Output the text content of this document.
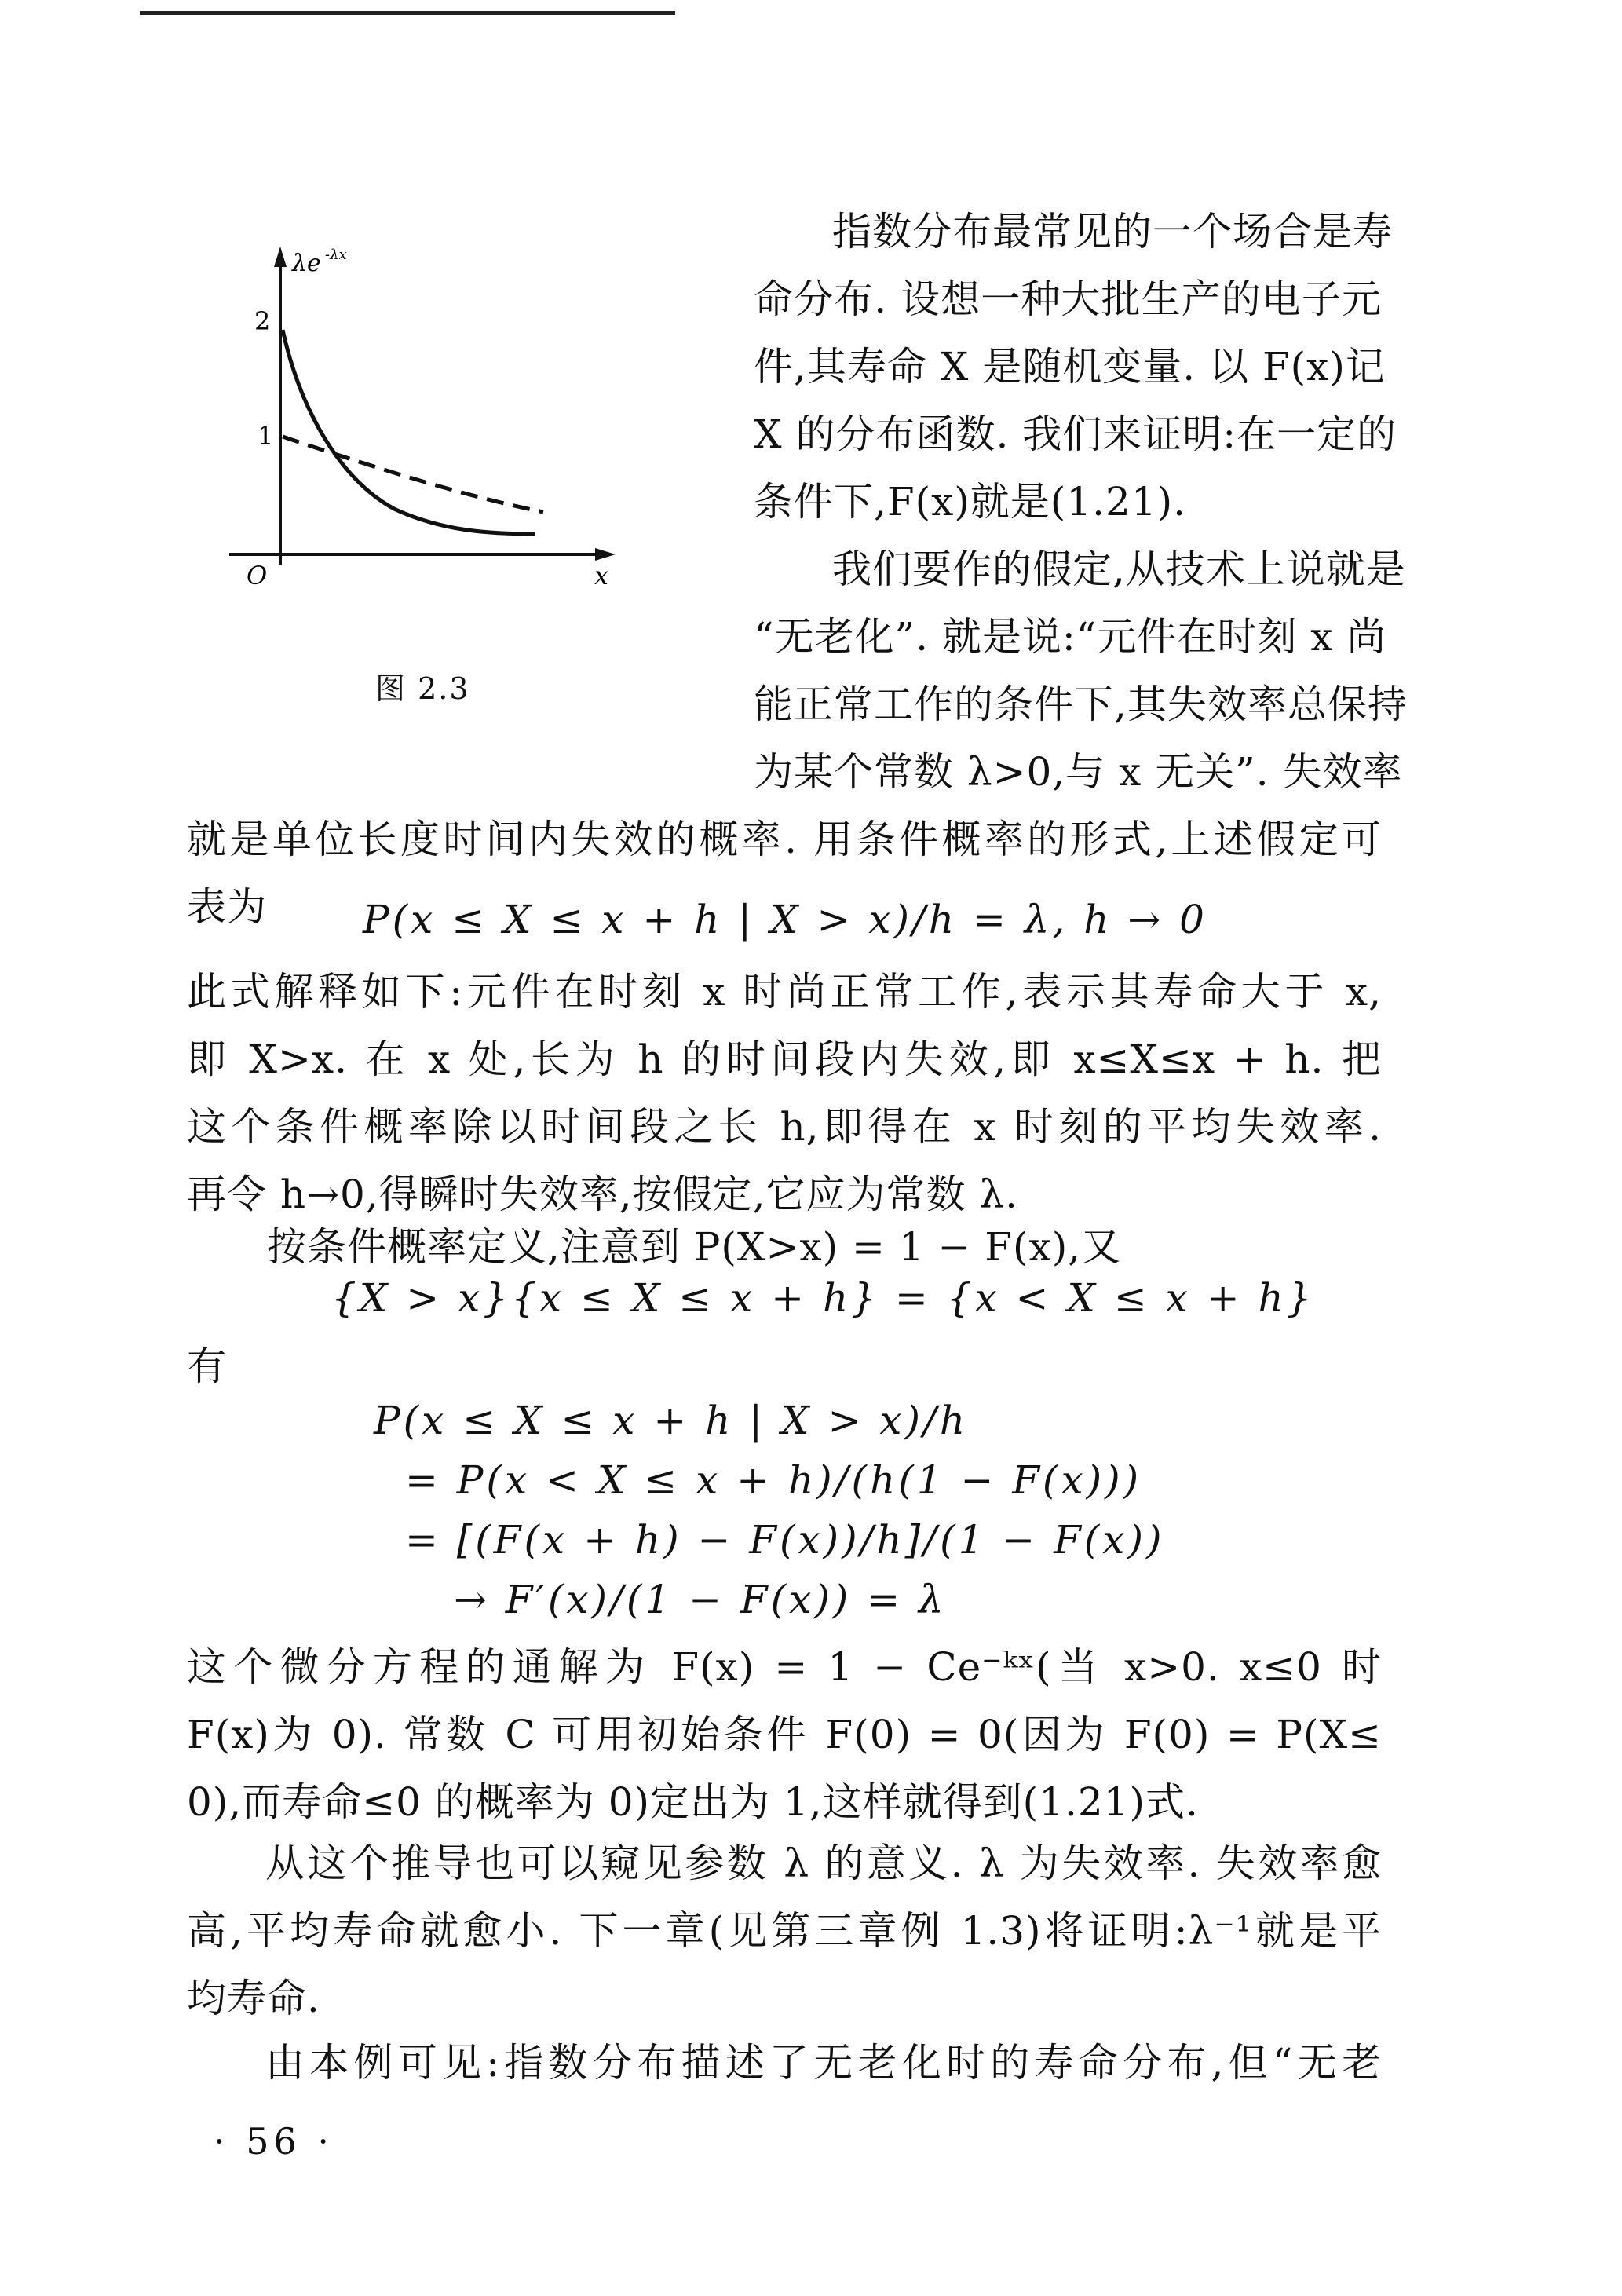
λe -λx
2
1
O	x
图 2.3
指数分布最常见的一个场合是寿
命分布. 设想一种大批生产的电子元
件,其寿命 X 是随机变量. 以 F(x)记
X 的分布函数. 我们来证明:在一定的
条件下,F(x)就是(1.21).
我们要作的假定,从技术上说就是
“无老化”. 就是说:“元件在时刻 x 尚
能正常工作的条件下,其失效率总保持
为某个常数 λ>0,与 x 无关”. 失效率
就是单位长度时间内失效的概率. 用条件概率的形式,上述假定可
表为	P(x ≤ X ≤ x + h | X > x)/h = λ, h → 0
此式解释如下:元件在时刻 x 时尚正常工作,表示其寿命大于 x,
即 X>x. 在 x 处,长为 h 的时间段内失效,即 x≤X≤x + h. 把
这个条件概率除以时间段之长 h,即得在 x 时刻的平均失效率.
再令 h→0,得瞬时失效率,按假定,它应为常数 λ.
按条件概率定义,注意到 P(X>x) = 1 − F(x),又
{X > x}{x ≤ X ≤ x + h} = {x < X ≤ x + h}
有
P(x ≤ X ≤ x + h | X > x)/h
= P(x < X ≤ x + h)/(h(1 − F(x)))
= [(F(x + h) − F(x))/h]/(1 − F(x))
→ F′(x)/(1 − F(x)) = λ
这个微分方程的通解为 F(x) = 1 − Ce⁻ᵏˣ(当 x>0. x≤0 时
F(x)为 0). 常数 C 可用初始条件 F(0) = 0(因为 F(0) = P(X≤
0),而寿命≤0 的概率为 0)定出为 1,这样就得到(1.21)式.
从这个推导也可以窥见参数 λ 的意义. λ 为失效率. 失效率愈
高,平均寿命就愈小. 下一章(见第三章例 1.3)将证明:λ⁻¹就是平
均寿命.
由本例可见:指数分布描述了无老化时的寿命分布,但“无老
· 56 ·
